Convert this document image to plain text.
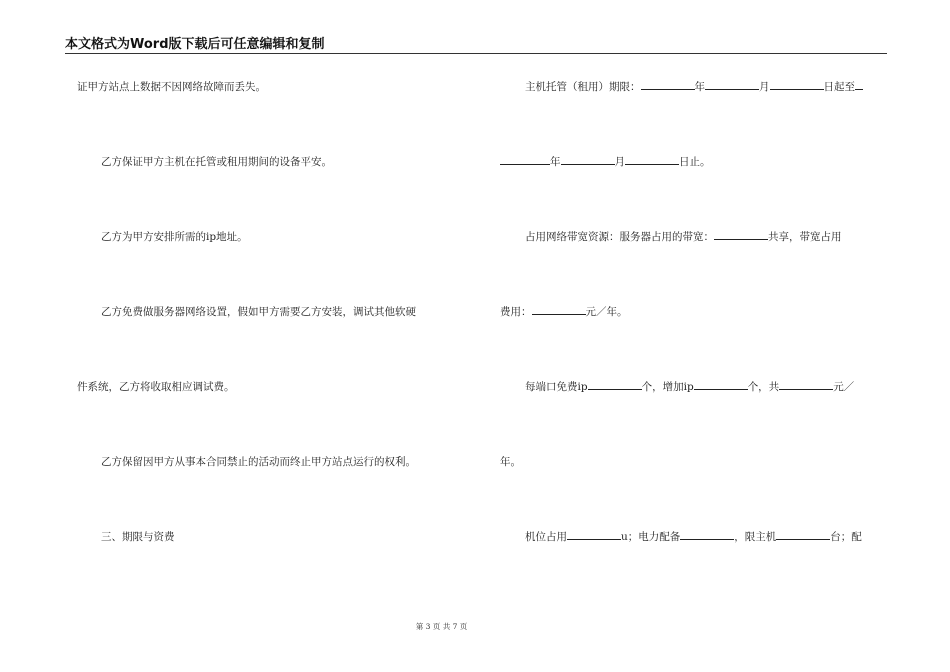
本文格式为Word版下载后可任意编辑和复制
证甲方站点上数据不因网络故障而丢失。
乙方保证甲方主机在托管或租用期间的设备平安。
乙方为甲方安排所需的ip地址。
乙方免费做服务器网络设置，假如甲方需要乙方安装，调试其他软硬
件系统，乙方将收取相应调试费。
乙方保留因甲方从事本合同禁止的活动而终止甲方站点运行的权利。
三、期限与资费
主机托管（租用）期限：	年	月	日起至
年	月	日止。
占用网络带宽资源：服务器占用的带宽：	共享，带宽占用
费用：	元／年。
每端口免费ip	个，增加ip	个，共	元／
年。
机位占用	u；电力配备	，限主机	台；配
第 3 页 共 7 页
